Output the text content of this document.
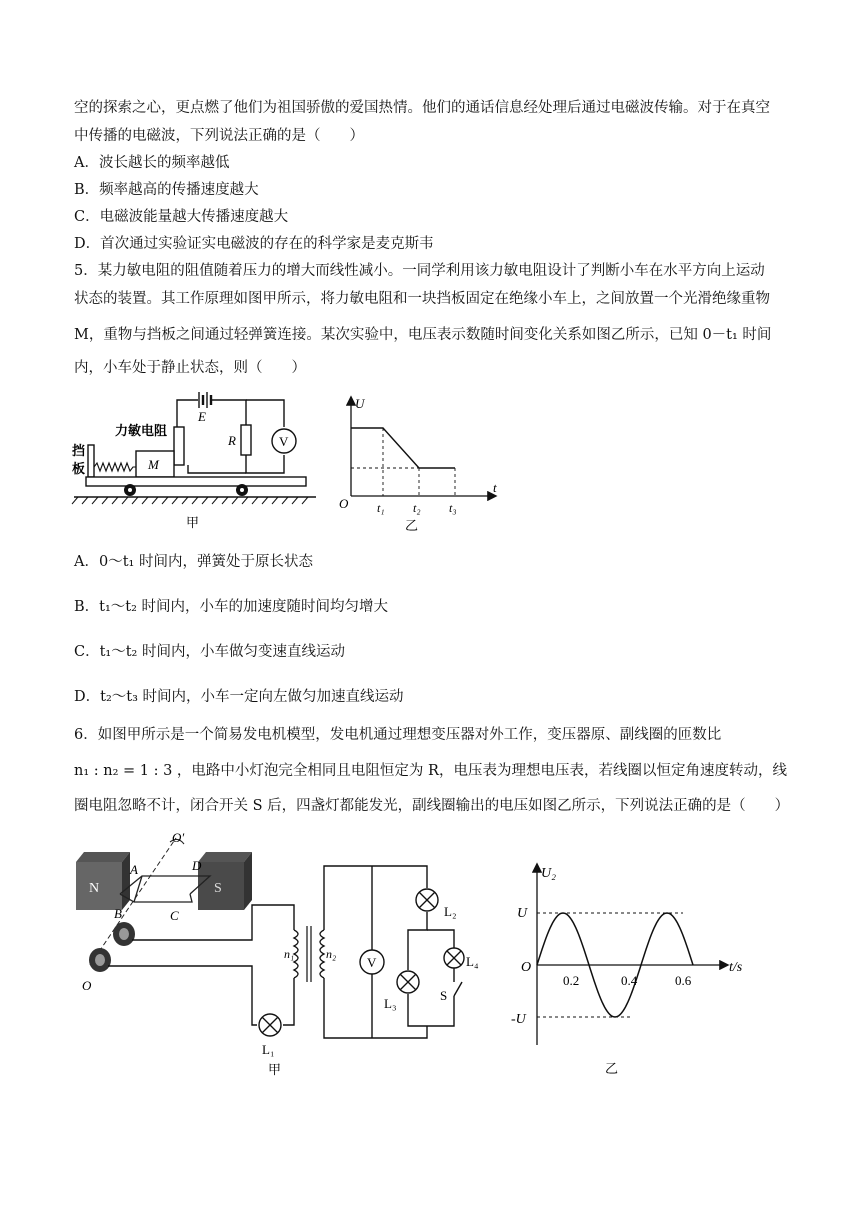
空的探索之心，更点燃了他们为祖国骄傲的爱国热情。他们的通话信息经处理后通过电磁波传输。对于在真空
中传播的电磁波，下列说法正确的是（　　）
A．波长越长的频率越低
B．频率越高的传播速度越大
C．电磁波能量越大传播速度越大
D．首次通过实验证实电磁波的存在的科学家是麦克斯韦
5．某力敏电阻的阻值随着压力的增大而线性减小。一同学利用该力敏电阻设计了判断小车在水平方向上运动
状态的装置。其工作原理如图甲所示，将力敏电阻和一块挡板固定在绝缘小车上，之间放置一个光滑绝缘重物
M，重物与挡板之间通过轻弹簧连接。某次实验中，电压表示数随时间变化关系如图乙所示，已知 0－t₁ 时间
内，小车处于静止状态，则（　　）
E
R	V
力敏电阻
挡
板	M
甲
U
t
O t₁ t₂ t₃
乙
A．0～t₁ 时间内，弹簧处于原长状态
B．t₁～t₂ 时间内，小车的加速度随时间均匀增大
C．t₁～t₂ 时间内，小车做匀变速直线运动
D．t₂～t₃ 时间内，小车一定向左做匀加速直线运动
6．如图甲所示是一个简易发电机模型，发电机通过理想变压器对外工作，变压器原、副线圈的匝数比
n₁ : n₂ = 1 : 3 ，电路中小灯泡完全相同且电阻恒定为 R，电压表为理想电压表，若线圈以恒定角速度转动，线
圈电阻忽略不计，闭合开关 S 后，四盏灯都能发光，副线圈输出的电压如图乙所示，下列说法正确的是（　　）
N	S
O′
A	D
B	C
O
L₁
n₁	n₂
V
L₂
L₃
L₄
S
甲
U₂
t/s
O
U
-U
0.2	0.4	0.6
乙
